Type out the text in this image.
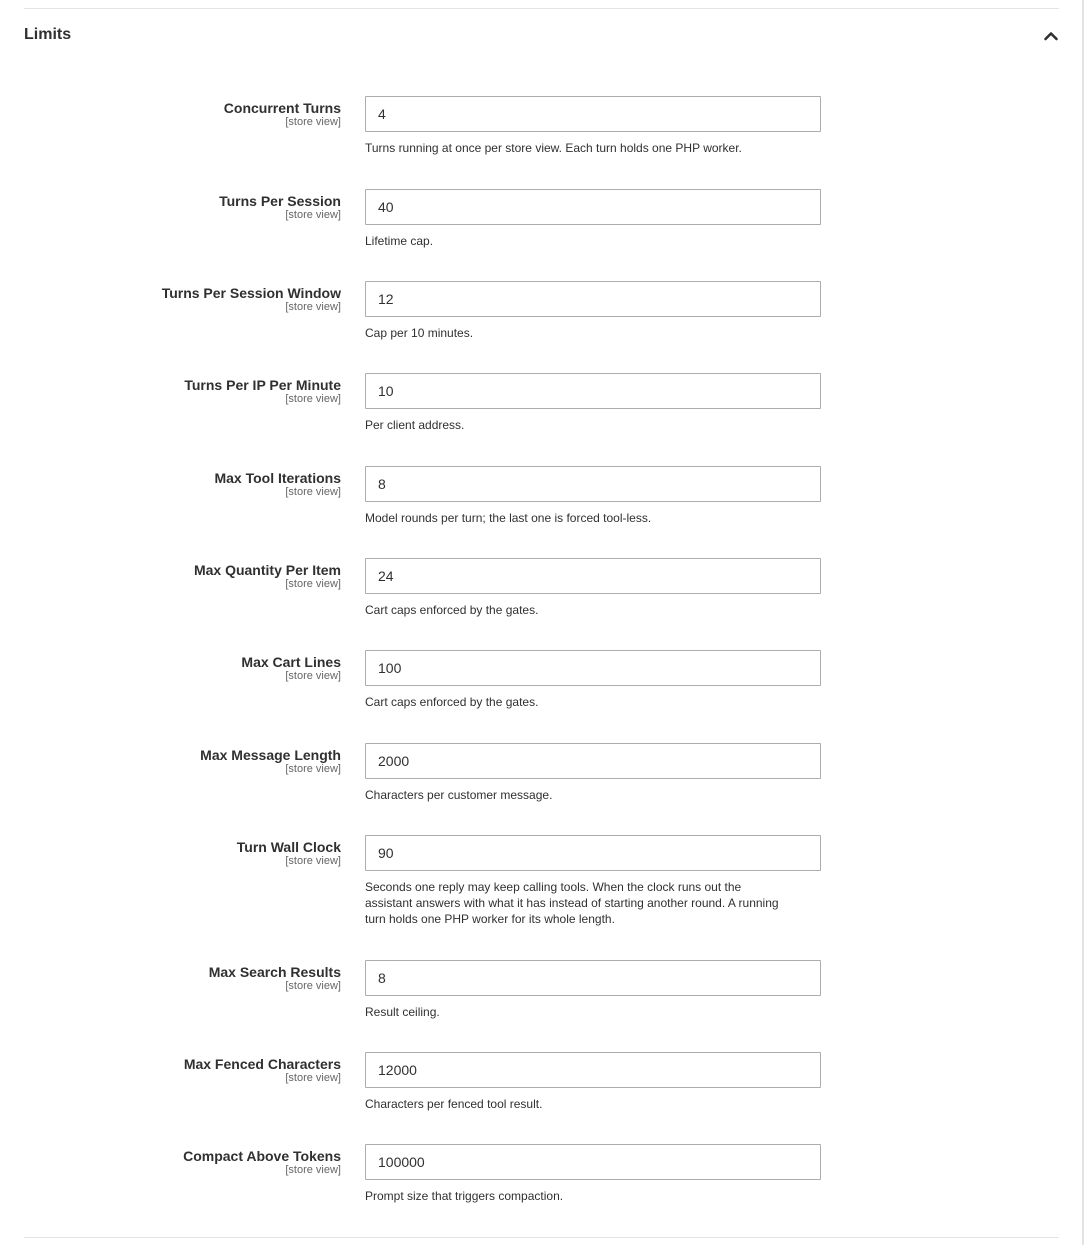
Limits
Concurrent Turns
[store view]
4
Turns running at once per store view. Each turn holds one PHP worker.
Turns Per Session
[store view]
40
Lifetime cap.
Turns Per Session Window
[store view]
12
Cap per 10 minutes.
Turns Per IP Per Minute
[store view]
10
Per client address.
Max Tool Iterations
[store view]
8
Model rounds per turn; the last one is forced tool-less.
Max Quantity Per Item
[store view]
24
Cart caps enforced by the gates.
Max Cart Lines
[store view]
100
Cart caps enforced by the gates.
Max Message Length
[store view]
2000
Characters per customer message.
Turn Wall Clock
[store view]
90
Seconds one reply may keep calling tools. When the clock runs out the assistant answers with what it has instead of starting another round. A running turn holds one PHP worker for its whole length.
Max Search Results
[store view]
8
Result ceiling.
Max Fenced Characters
[store view]
12000
Characters per fenced tool result.
Compact Above Tokens
[store view]
100000
Prompt size that triggers compaction.
